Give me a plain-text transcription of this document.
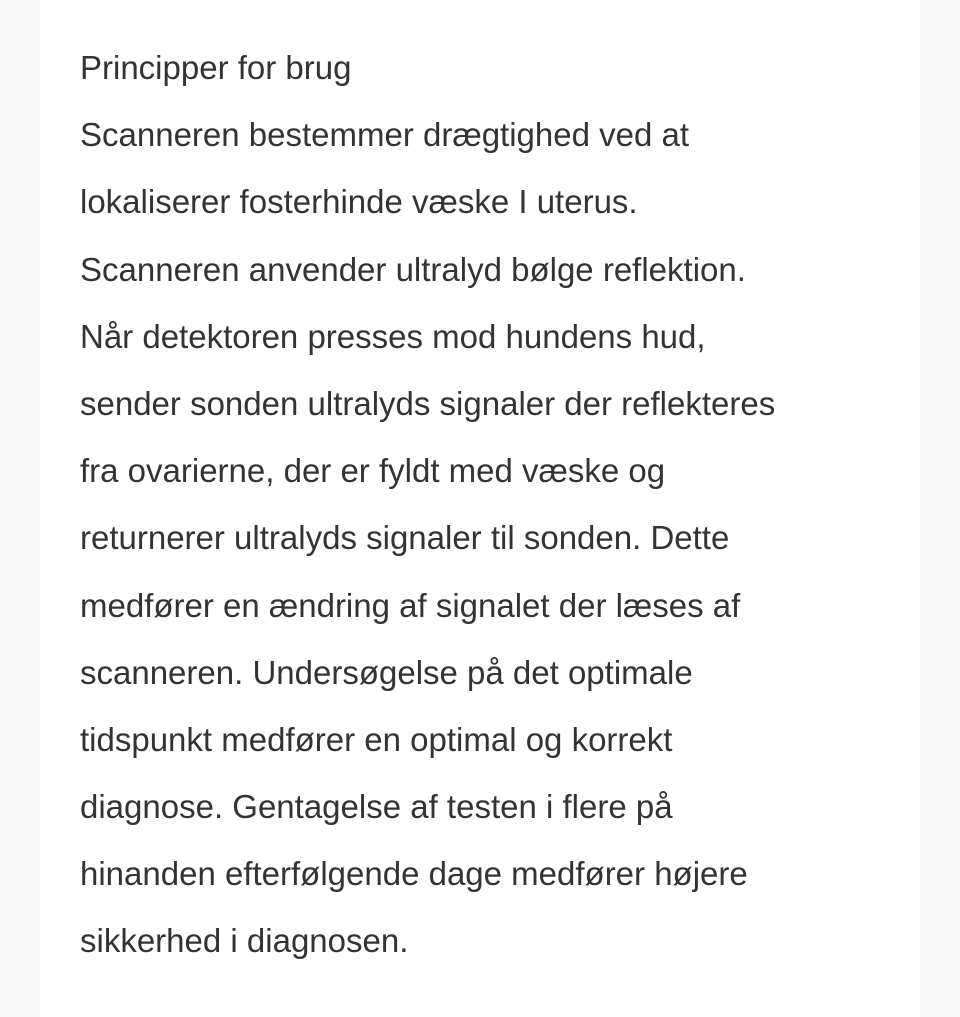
Principper for brug
Scanneren bestemmer drægtighed ved at
lokaliserer fosterhinde væske I uterus.
Scanneren anvender ultralyd bølge reflektion.
Når detektoren presses mod hundens hud,
sender sonden ultralyds signaler der reflekteres
fra ovarierne, der er fyldt med væske og
returnerer ultralyds signaler til sonden. Dette
medfører en ændring af signalet der læses af
scanneren. Undersøgelse på det optimale
tidspunkt medfører en optimal og korrekt
diagnose. Gentagelse af testen i flere på
hinanden efterfølgende dage medfører højere
sikkerhed i diagnosen.
